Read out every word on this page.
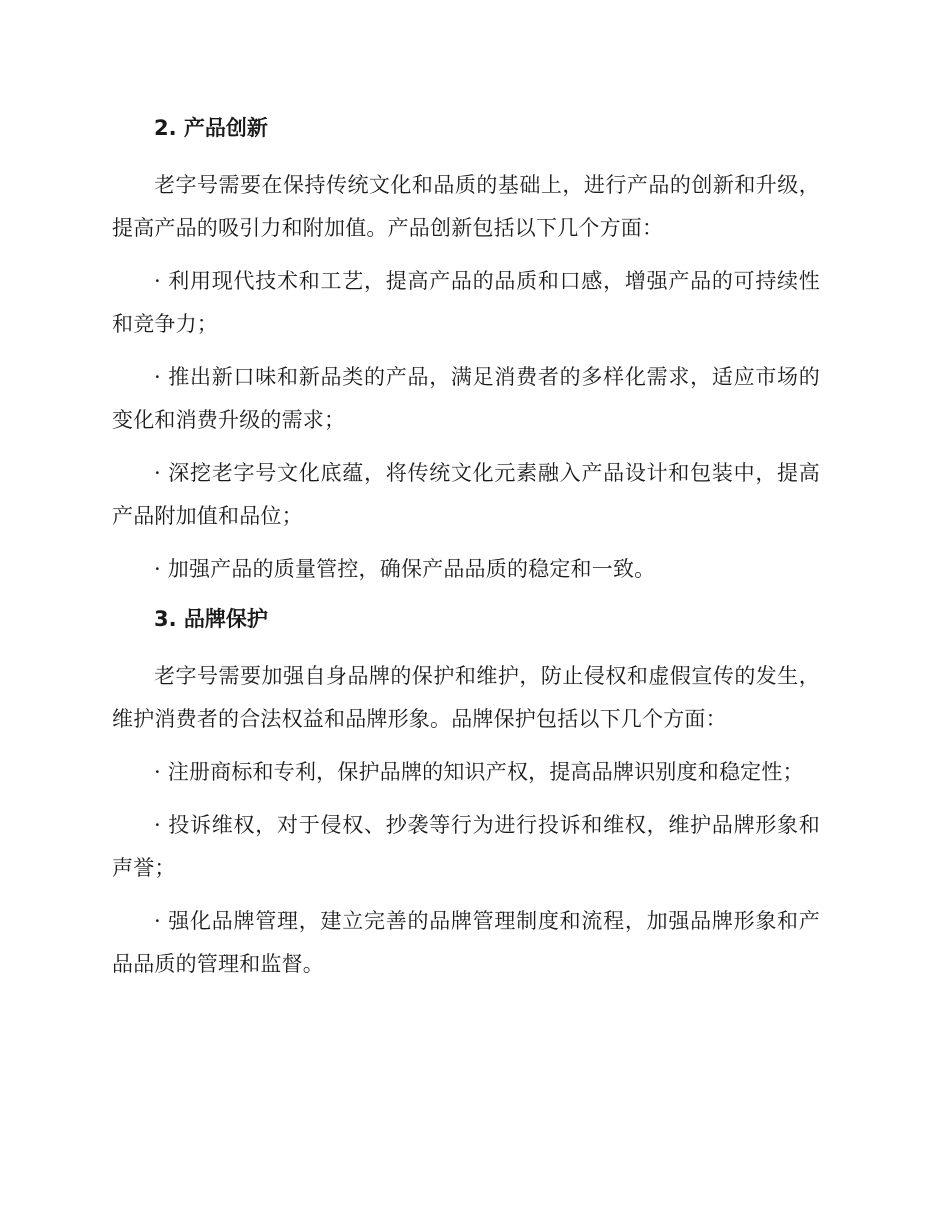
2. 产品创新

老字号需要在保持传统文化和品质的基础上，进行产品的创新和升级，提高产品的吸引力和附加值。产品创新包括以下几个方面：

· 利用现代技术和工艺，提高产品的品质和口感，增强产品的可持续性和竞争力；

· 推出新口味和新品类的产品，满足消费者的多样化需求，适应市场的变化和消费升级的需求；

· 深挖老字号文化底蕴，将传统文化元素融入产品设计和包装中，提高产品附加值和品位；

· 加强产品的质量管控，确保产品品质的稳定和一致。

3. 品牌保护

老字号需要加强自身品牌的保护和维护，防止侵权和虚假宣传的发生，维护消费者的合法权益和品牌形象。品牌保护包括以下几个方面：

· 注册商标和专利，保护品牌的知识产权，提高品牌识别度和稳定性；

· 投诉维权，对于侵权、抄袭等行为进行投诉和维权，维护品牌形象和声誉；

· 强化品牌管理，建立完善的品牌管理制度和流程，加强品牌形象和产品品质的管理和监督。
